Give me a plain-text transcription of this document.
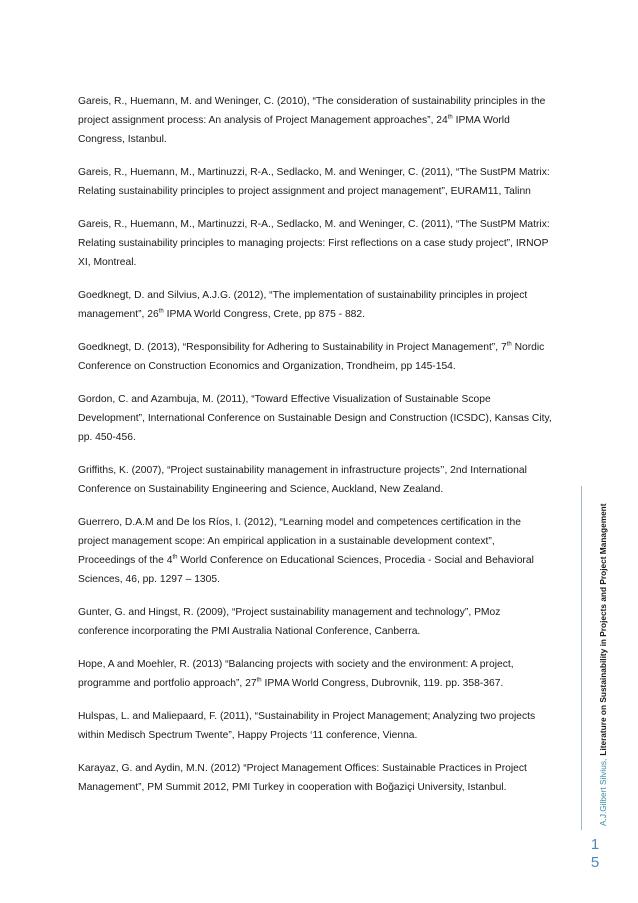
Gareis, R., Huemann, M. and Weninger, C. (2010), “The consideration of sustainability principles in the project assignment process: An analysis of Project Management approaches”, 24th IPMA World Congress, Istanbul.

Gareis, R., Huemann, M., Martinuzzi, R-A., Sedlacko, M. and Weninger, C. (2011), “The SustPM Matrix: Relating sustainability principles to project assignment and project management”, EURAM11, Talinn

Gareis, R., Huemann, M., Martinuzzi, R-A., Sedlacko, M. and Weninger, C. (2011), “The SustPM Matrix: Relating sustainability principles to managing projects: First reflections on a case study project”, IRNOP XI, Montreal.

Goedknegt, D. and Silvius, A.J.G. (2012), “The implementation of sustainability principles in project management”, 26th IPMA World Congress, Crete, pp 875 - 882.

Goedknegt, D. (2013), “Responsibility for Adhering to Sustainability in Project Management”, 7th Nordic Conference on Construction Economics and Organization, Trondheim, pp 145-154.

Gordon, C. and Azambuja, M. (2011), “Toward Effective Visualization of Sustainable Scope Development”, International Conference on Sustainable Design and Construction (ICSDC), Kansas City, pp. 450-456.

Griffiths, K. (2007), “Project sustainability management in infrastructure projects’’, 2nd International Conference on Sustainability Engineering and Science, Auckland, New Zealand.

Guerrero, D.A.M and De los Ríos, I. (2012), “Learning model and competences certification in the project management scope: An empirical application in a sustainable development context”, Proceedings of the 4th World Conference on Educational Sciences, Procedia - Social and Behavioral Sciences, 46, pp. 1297 – 1305.

Gunter, G. and Hingst, R. (2009), “Project sustainability management and technology”, PMoz conference incorporating the PMI Australia National Conference, Canberra.

Hope, A and Moehler, R. (2013) “Balancing projects with society and the environment: A project, programme and portfolio approach”, 27th IPMA World Congress, Dubrovnik, 119. pp. 358-367.

Hulspas, L. and Maliepaard, F. (2011), “Sustainability in Project Management; Analyzing two projects within Medisch Spectrum Twente”, Happy Projects ‘11 conference, Vienna.

Karayaz, G. and Aydin, M.N. (2012) “Project Management Offices: Sustainable Practices in Project Management”, PM Summit 2012, PMI Turkey in cooperation with Boğaziçi University, Istanbul.	A.J.Gilbert Silvius,Literature on Sustainability in Projects and Project Management
1
5
